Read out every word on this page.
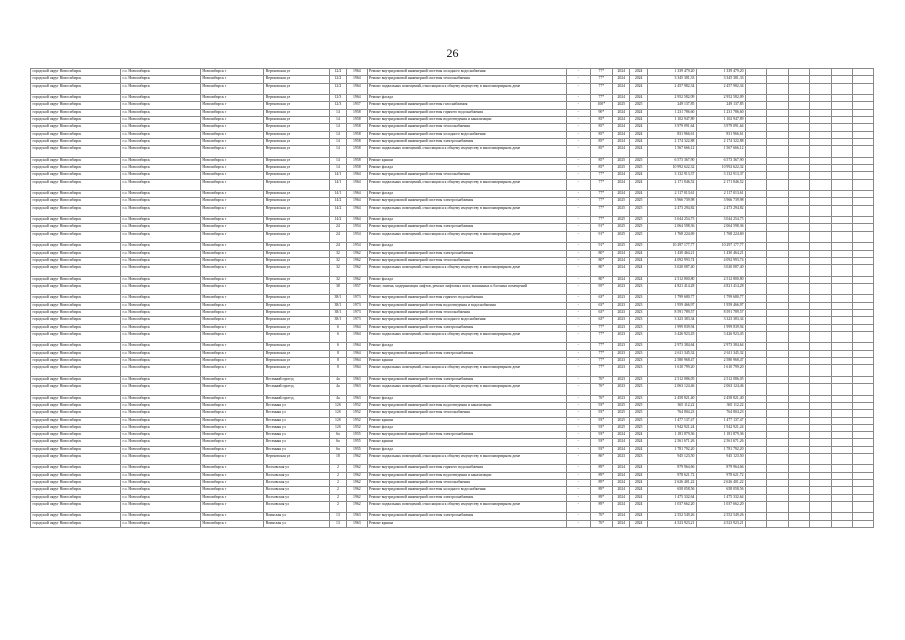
26
городской округ Новосибирск	г.о. Новосибирск	Новосибирск г	Вертковская ул	12/2	1964	Ремонт внутридомовой инженерной системы холодного водоснабжения	-	77*	2024	2024	1 339 479,20	1 339 479,20						
городской округ Новосибирск	г.о. Новосибирск	Новосибирск г	Вертковская ул	12/2	1964	Ремонт внутридомовой инженерной системы теплоснабжения	-	77*	2024	2024	3 345 381,33	3 345 381,33						
городской округ Новосибирск	г.о. Новосибирск	Новосибирск г	Вертковская ул	12/2	1964	Ремонт подвальных помещений, относящихся к общему имуществу в многоквартирном доме	-	77*	2024	2024	2 457 982,34	2 457 982,34						
городской округ Новосибирск	г.о. Новосибирск	Новосибирск г	Вертковская ул	12/3	1964	Ремонт фасада	-	77*	2024	2024	2 952 582,09	2 952 582,09						
городской округ Новосибирск	г.о. Новосибирск	Новосибирск г	Вертковская ул	12/3	1957	Ремонт внутридомовой инженерной системы газоснабжения	-	100*	2025	2025	249 137,85	249 137,85						
городской округ Новосибирск	г.о. Новосибирск	Новосибирск г	Вертковская ул	14	1958	Ремонт внутридомовой инженерной системы горячего водоснабжения	-	90*	2024	2024	1 231 786,60	1 231 786,60						
городской округ Новосибирск	г.о. Новосибирск	Новосибирск г	Вертковская ул	14	1958	Ремонт внутридомовой инженерной системы водоотведения и канализации	-	85*	2024	2024	1 102 947,89	1 102 947,89						
городской округ Новосибирск	г.о. Новосибирск	Новосибирск г	Вертковская ул	14	1958	Ремонт внутридомовой инженерной системы теплоснабжения	-	85*	2024	2024	3 979 091,64	3 979 091,64						
городской округ Новосибирск	г.о. Новосибирск	Новосибирск г	Вертковская ул	14	1958	Ремонт внутридомовой инженерной системы холодного водоснабжения	-	85*	2024	2024	831 966,61	831 966,61						
городской округ Новосибирск	г.о. Новосибирск	Новосибирск г	Вертковская ул	14	1958	Ремонт внутридомовой инженерной системы электроснабжения	-	85*	2024	2024	2 174 322,88	2 174 322,88						
городской округ Новосибирск	г.о. Новосибирск	Новосибирск г	Вертковская ул	14	1958	Ремонт подвальных помещений, относящихся к общему имуществу в многоквартирном доме	-	85*	2024	2024	1 567 666,12	1 567 666,12						
городской округ Новосибирск	г.о. Новосибирск	Новосибирск г	Вертковская ул	14	1958	Ремонт крыши	-	85*	2025	2025	6 573 367,90	6 573 367,90						
городской округ Новосибирск	г.о. Новосибирск	Новосибирск г	Вертковская ул	14	1958	Ремонт фасада	-	85*	2025	2025	10 992 622,32	10 992 622,32						
городской округ Новосибирск	г.о. Новосибирск	Новосибирск г	Вертковская ул	14/1	1964	Ремонт внутридомовой инженерной системы теплоснабжения	-	77*	2024	2024	3 132 913,37	3 132 913,37						
городской округ Новосибирск	г.о. Новосибирск	Новосибирск г	Вертковская ул	14/1	1964	Ремонт подвальных помещений, относящихся к общему имуществу в многоквартирном доме	-	77*	2024	2024	2 171 846,52	2 171 846,52						
городской округ Новосибирск	г.о. Новосибирск	Новосибирск г	Вертковская ул	14/1	1964	Ремонт фасада	-	77*	2024	2024	2 117 013,61	2 117 013,61						
городской округ Новосибирск	г.о. Новосибирск	Новосибирск г	Вертковская ул	14/2	1964	Ремонт внутридомовой инженерной системы электроснабжения	-	77*	2025	2025	3 966 739,98	3 966 739,98						
городской округ Новосибирск	г.о. Новосибирск	Новосибирск г	Вертковская ул	14/2	1964	Ремонт подвальных помещений, относящихся к общему имуществу в многоквартирном доме	-	77*	2025	2025	2 473 294,82	2 473 294,82						
городской округ Новосибирск	г.о. Новосибирск	Новосибирск г	Вертковская ул	14/2	1964	Ремонт фасада	-	77*	2025	2025	3 044 254,75	3 044 254,75						
городской округ Новосибирск	г.о. Новосибирск	Новосибирск г	Вертковская ул	24	1954	Ремонт внутридомовой инженерной системы электроснабжения	-	91*	2025	2025	2 064 598,36	2 064 598,36						
городской округ Новосибирск	г.о. Новосибирск	Новосибирск г	Вертковская ул	24	1954	Ремонт подвальных помещений, относящихся к общему имуществу в многоквартирном доме	-	91*	2025	2025	1 768 224,69	1 768 224,69						
городской округ Новосибирск	г.о. Новосибирск	Новосибирск г	Вертковская ул	24	1954	Ремонт фасада	-	91*	2025	2025	10 297 177,77	10 297 177,77						
городской округ Новосибирск	г.о. Новосибирск	Новосибирск г	Вертковская ул	32	1962	Ремонт внутридомовой инженерной системы электроснабжения	-	80*	2024	2024	1 430 464,21	1 430 464,21						
городской округ Новосибирск	г.о. Новосибирск	Новосибирск г	Вертковская ул	32	1962	Ремонт внутридомовой инженерной системы теплоснабжения	-	80*	2024	2024	4 092 993,74	4 092 993,74						
городской округ Новосибирск	г.о. Новосибирск	Новосибирск г	Вертковская ул	32	1962	Ремонт подвальных помещений, относящихся к общему имуществу в многоквартирном доме	-	80*	2024	2024	3 020 087,40	3 020 087,40						
городской округ Новосибирск	г.о. Новосибирск	Новосибирск г	Вертковская ул	32	1962	Ремонт фасада	-	80*	2024	2024	2 512 800,80	2 512 800,80						
городской округ Новосибирск	г.о. Новосибирск	Новосибирск г	Вертковская ул	38	1957	Ремонт, замена, модернизация лифтов, ремонт лифтовых шахт, машинных и блочных помещений	-	95*	2023	2023	4 821 414,28	4 821 414,28						
городской округ Новосибирск	г.о. Новосибирск	Новосибирск г	Вертковская ул	38/1	1973	Ремонт внутридомовой инженерной системы горячего водоснабжения	-	63*	2023	2023	1 799 680,77	1 799 680,77						
городской округ Новосибирск	г.о. Новосибирск	Новосибирск г	Вертковская ул	38/1	1973	Ремонт внутридомовой инженерной системы водоотведения и водоснабжения	-	63*	2023	2023	1 959 466,97	1 959 466,97						
городской округ Новосибирск	г.о. Новосибирск	Новосибирск г	Вертковская ул	38/1	1973	Ремонт внутридомовой инженерной системы теплоснабжения	-	63*	2023	2023	8 591 789,57	8 591 789,57						
городской округ Новосибирск	г.о. Новосибирск	Новосибирск г	Вертковская ул	38/1	1973	Ремонт внутридомовой инженерной системы холодного водоснабжения	-	63*	2023	2023	3 323 383,34	3 323 383,34						
городской округ Новосибирск	г.о. Новосибирск	Новосибирск г	Вертковская ул	6	1964	Ремонт внутридомовой инженерной системы электроснабжения	-	77*	2023	2023	1 999 839,94	1 999 839,94						
городской округ Новосибирск	г.о. Новосибирск	Новосибирск г	Вертковская ул	6	1964	Ремонт подвальных помещений, относящихся к общему имуществу в многоквартирном доме	-	77*	2023	2023	3 426 923,45	3 426 923,45						
городской округ Новосибирск	г.о. Новосибирск	Новосибирск г	Вертковская ул	6	1964	Ремонт фасада	-	77*	2023	2023	2 973 384,64	2 973 384,64						
городской округ Новосибирск	г.о. Новосибирск	Новосибирск г	Вертковская ул	8	1964	Ремонт внутридомовой инженерной системы электроснабжения	-	77*	2023	2023	2 611 345,32	2 611 345,32						
городской округ Новосибирск	г.о. Новосибирск	Новосибирск г	Вертковская ул	8	1964	Ремонт крыши	-	77*	2023	2023	2 580 968,47	2 580 968,47						
городской округ Новосибирск	г.о. Новосибирск	Новосибирск г	Вертковская ул	8	1964	Ремонт подвальных помещений, относящихся к общему имуществу в многоквартирном доме	-	77*	2023	2023	1 610 799,20	1 610 799,20						
городской округ Новосибирск	г.о. Новосибирск	Новосибирск г	Весенний проезд	4а	1963	Ремонт внутридомовой инженерной системы электроснабжения	-	76*	2023	2023	2 512 086,05	2 512 086,05						
городской округ Новосибирск	г.о. Новосибирск	Новосибирск г	Весенний проезд	4а	1963	Ремонт подвальных помещений, относящихся к общему имуществу в многоквартирном доме	-	76*	2023	2023	2 063 124,46	2 063 124,46						
городской округ Новосибирск	г.о. Новосибирск	Новосибирск г	Весенний проезд	4а	1963	Ремонт фасада	-	76*	2023	2023	2 458 821,40	2 458 821,40						
городской округ Новосибирск	г.о. Новосибирск	Новосибирск г	Весенняя ул	12б	1952	Ремонт внутридомовой инженерной системы водоотведения и канализации	-	93*	2025	2025	365 112,22	365 112,22						
городской округ Новосибирск	г.о. Новосибирск	Новосибирск г	Весенняя ул	12б	1952	Ремонт внутридомовой инженерной системы теплоснабжения	-	93*	2025	2025	764 804,23	764 804,23						
городской округ Новосибирск	г.о. Новосибирск	Новосибирск г	Весенняя ул	12б	1952	Ремонт крыши	-	93*	2025	2025	1 477 137,47	1 477 137,47						
городской округ Новосибирск	г.о. Новосибирск	Новосибирск г	Весенняя ул	12б	1952	Ремонт фасада	-	93*	2025	2025	1 942 921,24	1 942 921,24						
городской округ Новосибирск	г.о. Новосибирск	Новосибирск г	Весенняя ул	6а	1955	Ремонт внутридомовой инженерной системы электроснабжения	-	93*	2024	2024	1 181 879,36	1 181 879,36						
городской округ Новосибирск	г.о. Новосибирск	Новосибирск г	Весенняя ул	6а	1955	Ремонт крыши	-	93*	2024	2024	2 561 671,26	2 561 671,26						
городской округ Новосибирск	г.о. Новосибирск	Новосибирск г	Весенняя ул	6а	1955	Ремонт фасада	-	93*	2024	2024	1 781 792,20	1 781 792,20						
городской округ Новосибирск	г.о. Новосибирск	Новосибирск г	Вертковская ул	18	1962	Ремонт подвальных помещений, относящихся к общему имуществу в многоквартирном доме	-	86*	2023	2023	945 123,50	945 123,50						
городской округ Новосибирск	г.о. Новосибирск	Новосибирск г	Волховская ул	2	1962	Ремонт внутридомовой инженерной системы горячего водоснабжения	-	89*	2024	2024	879 964,66	879 964,66						
городской округ Новосибирск	г.о. Новосибирск	Новосибирск г	Волховская ул	2	1962	Ремонт внутридомовой инженерной системы водоотведения и канализации	-	89*	2024	2024	978 621,72	978 621,72						
городской округ Новосибирск	г.о. Новосибирск	Новосибирск г	Волховская ул	2	1962	Ремонт внутридомовой инженерной системы теплоснабжения	-	89*	2024	2024	2 626 401,22	2 626 401,22						
городской округ Новосибирск	г.о. Новосибирск	Новосибирск г	Волховская ул	2	1962	Ремонт внутридомовой инженерной системы холодного водоснабжения	-	89*	2024	2024	658 058,56	658 058,56						
городской округ Новосибирск	г.о. Новосибирск	Новосибирск г	Волховская ул	2	1962	Ремонт внутридомовой инженерной системы электроснабжения	-	89*	2024	2024	1 475 332,64	1 475 332,64						
городской округ Новосибирск	г.о. Новосибирск	Новосибирск г	Волховская ул	2	1962	Ремонт подвальных помещений, относящихся к общему имуществу в многоквартирном доме	-	89*	2024	2024	1 037 662,20	1 037 662,20						
городской округ Новосибирск	г.о. Новосибирск	Новосибирск г	Воинская ул	13	1963	Ремонт внутридомовой инженерной системы электроснабжения	-	76*	2024	2024	2 552 549,26	2 552 549,26						
городской округ Новосибирск	г.о. Новосибирск	Новосибирск г	Воинская ул	13	1963	Ремонт крыши	-	76*	2024	2024	4 523 923,21	4 523 923,21						
